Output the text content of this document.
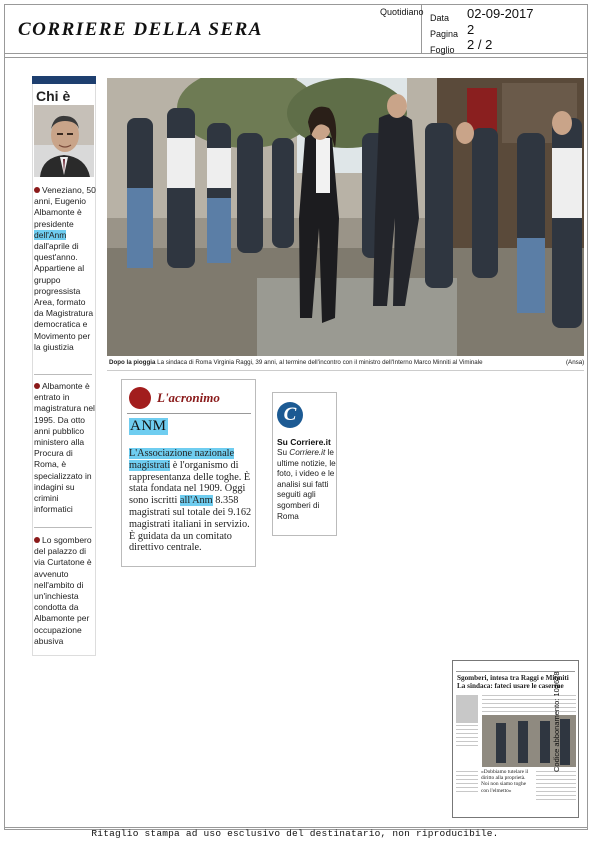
CORRIERE DELLA SERA
Quotidiano
Data 02-09-2017
Pagina 2
Foglio 2 / 2
Chi è
Veneziano, 50 anni, Eugenio Albamonte è presidente dell'Anm dall'aprile di quest'anno. Appartiene al gruppo progressista Area, formato da Magistratura democratica e Movimento per la giustizia
Albamonte è entrato in magistratura nel 1995. Da otto anni pubblico ministero alla Procura di Roma, è specializzato in indagini su crimini informatici
Lo sgombero del palazzo di via Curtatone è avvenuto nell'ambito di un'inchiesta condotta da Albamonte per occupazione abusiva
Dopo la pioggia La sindaca di Roma Virginia Raggi, 39 anni, al termine dell'incontro con il ministro dell'Interno Marco Minniti al Viminale	(Ansa)
L'acronimo
ANM
L'Associazione nazionale magistrati è l'organismo di rappresentanza delle toghe. È stata fondata nel 1909. Oggi sono iscritti all'Anm 8.358 magistrati sul totale dei 9.162 magistrati italiani in servizio. È guidata da un comitato direttivo centrale.
C
Su Corriere.it
Su Corriere.it le ultime notizie, le foto, i video e le analisi sui fatti seguiti agli sgomberi di Roma
Sgomberi, intesa tra Raggi e Minniti
La sindaca: fateci usare le caserme
«Dobbiamo tutelare il diritto alla proprietà. Noi non siamo toghe con l'elmetto»
Codice abbonamento: 102628
Ritaglio stampa ad uso esclusivo del destinatario, non riproducibile.
